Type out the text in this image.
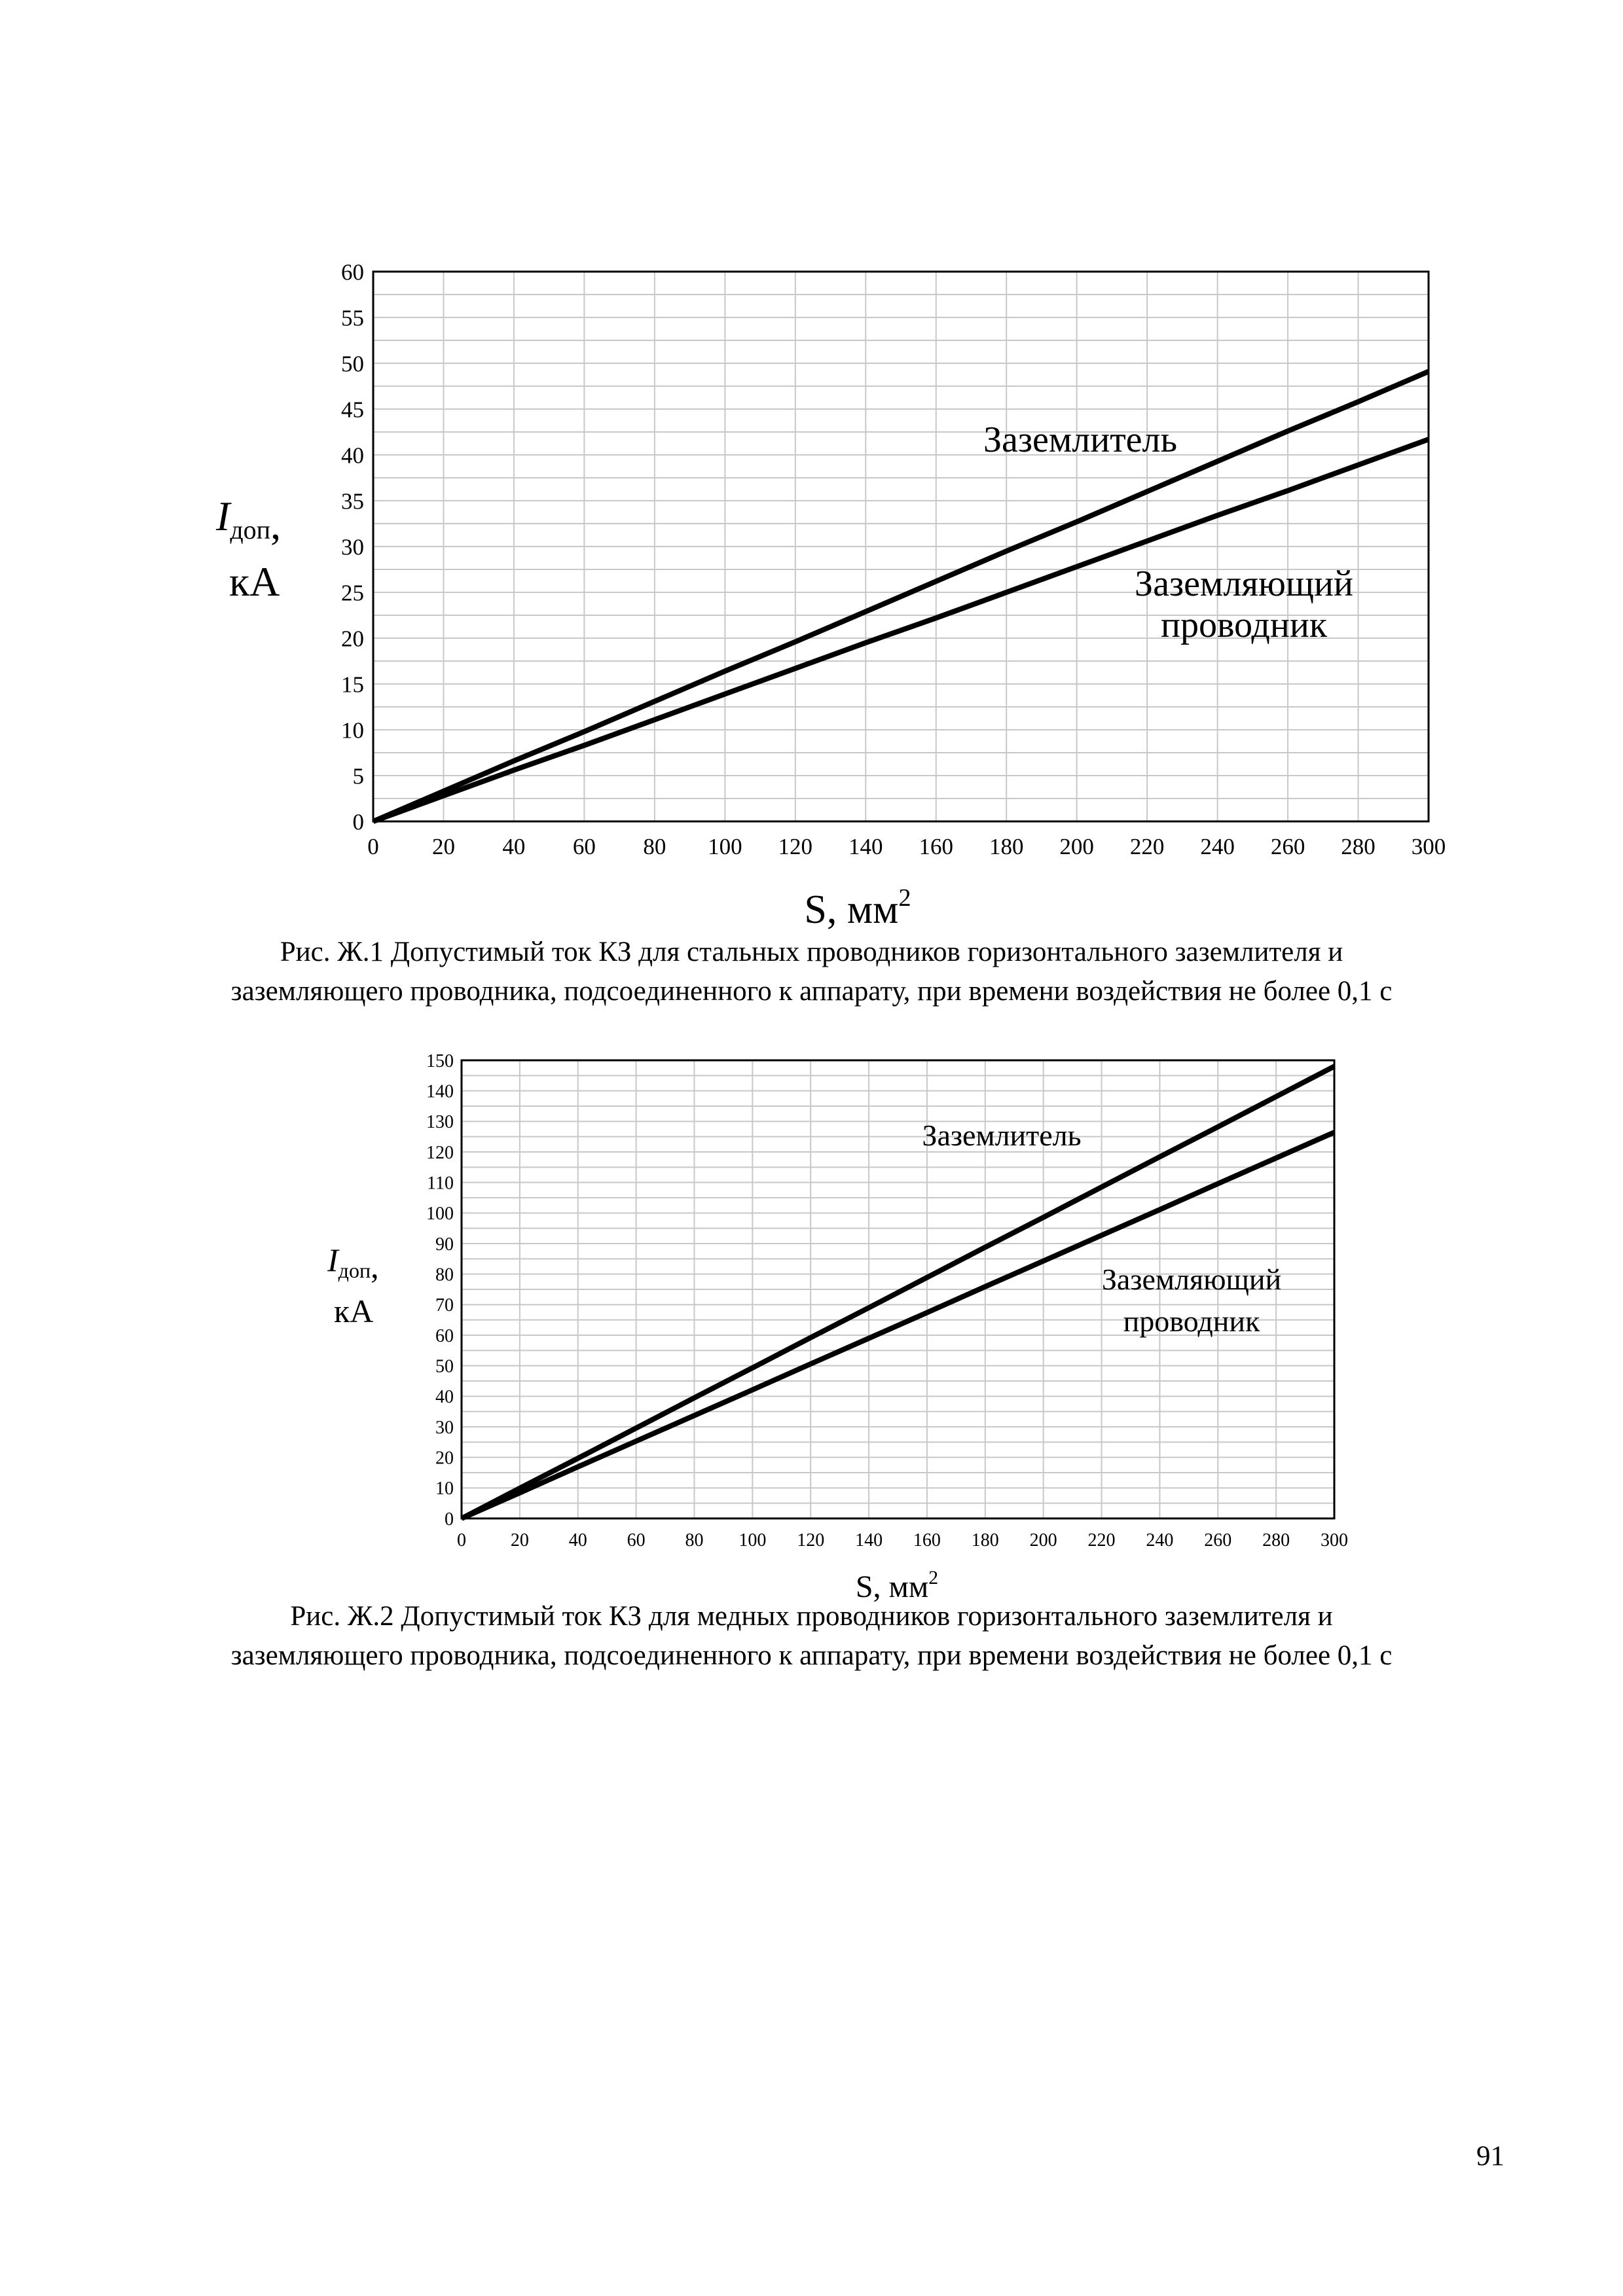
0 20 40 60 80 100 120 140 160 180 200 220 240 260 280 300
0
5
10
15
20
25
30
35
40
45
50
55
60
Заземлитель
Заземляющий проводник
$I_{доп}$,
кА
S, $мм^2$
Рис. Ж.1 Допустимый ток КЗ для стальных проводников горизонтального заземлителя и
заземляющего проводника, подсоединенного к аппарату, при времени воздействия не более 0,1 с
0 20 40 60 80 100 120 140 160 180 200 220 240 260 280 300
0
10
20
30
40
50
60
70
80
90
100
110
120
130
140
150
Заземлитель
Заземляющий проводник
$I_{доп}$,
кА
S, $мм^2$
Рис. Ж.2 Допустимый ток КЗ для медных проводников горизонтального заземлителя и
заземляющего проводника, подсоединенного к аппарату, при времени воздействия не более 0,1 с
91
